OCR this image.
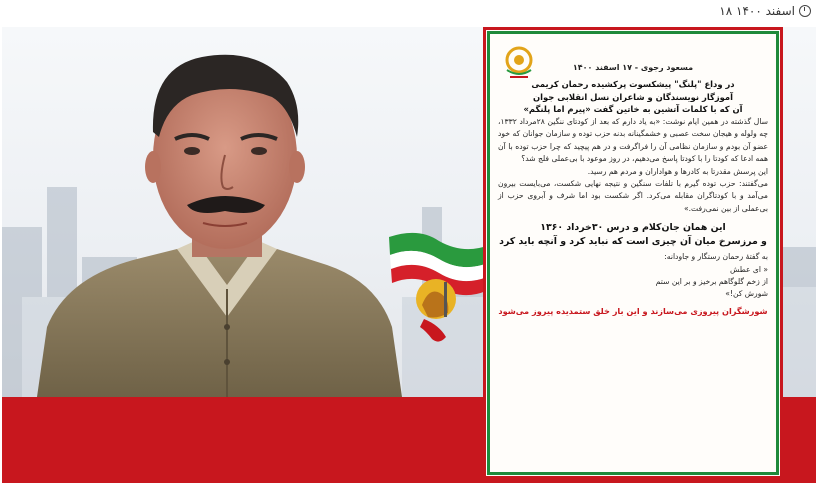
۱۸ اسفند ۱۴۰۰

مسعود رجوی - ۱۷ اسفند ۱۴۰۰

در وداع "پلنگ" پیشکسوت پرکشیده رحمان کریمی

آموزگار نویسندگان و شاعران نسل انقلابی جوان

آن که با کلمات آتشین به خاتین گفت «پیرم اما پلنگم»

سال گذشته در همین ایام نوشت: «به یاد دارم که بعد از کودتای ننگین ۲۸مرداد ۱۳۳۲، چه ولوله و هیجان سخت عصبی و خشمگینانه بدنه حزب توده و سازمان جوانان که خود عضو آن بودم و سازمان نظامی آن را فراگرفت و در هم پیچید که چرا حزب توده با آن همه ادعا که کودتا را با کودتا پاسخ می‌دهیم، در روز موعود با بی‌عملی فلج شد؟

این پرسش مقدرتا به کادرها و هواداران و مردم هم رسید.

می‌گفتند: حزب توده گیرم با تلفات سنگین و نتیجه نهایی شکست، می‌بایست بیرون می‌آمد و با کودتاگران مقابله می‌کرد. اگر شکست بود اما شرف و آبروی حزب از بی‌عملی از بین نمی‌رفت.»

این همان جان‌کلام و درس ۳۰خرداد ۱۳۶۰

و مرزسرخ میان آن چیزی است که نباید کرد و آنچه باید کرد

به گفتهٔ رحمان رستگار و جاودانه:

« ای عطش

از زخم گلوگاهم برخیز و بر این ستم

شورش کن!»

شورشگران پیروزی می‌سازند و این بار خلق ستمدیده پیروز می‌شود
